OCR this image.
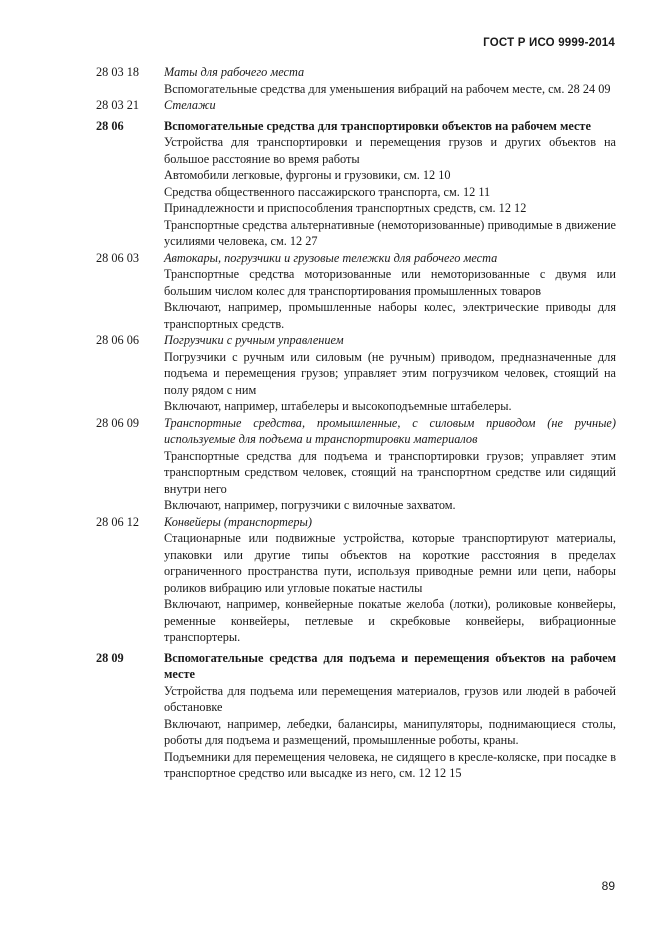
ГОСТ Р ИСО 9999-2014
28 03 18	Маты для рабочего места
Вспомогательные средства для уменьшения вибраций на рабочем месте, см. 28 24 09
28 03 21	Стелажи
28 06	Вспомогательные средства для транспортировки объектов на рабочем месте
Устройства для транспортировки и перемещения грузов и других объектов на большое расстояние во время работы
Автомобили легковые, фургоны и грузовики, см. 12 10
Средства общественного пассажирского транспорта, см. 12 11
Принадлежности и приспособления транспортных средств, см. 12 12
Транспортные средства альтернативные (немоторизованные) приводимые в движение усилиями человека, см. 12 27
28 06 03	Автокары, погрузчики и грузовые тележки для рабочего места
Транспортные средства моторизованные или немоторизованные с двумя или большим числом колес для транспортирования промышленных товаров
Включают, например, промышленные наборы колес, электрические приводы для транспортных средств.
28 06 06	Погрузчики с ручным управлением
Погрузчики с ручным или силовым (не ручным) приводом, предназначенные для подъема и перемещения грузов; управляет этим погрузчиком человек, стоящий на полу рядом с ним
Включают, например, штабелеры и высокоподъемные штабелеры.
28 06 09	Транспортные средства, промышленные, с силовым приводом (не ручные) используемые для подъема и транспортировки материалов
Транспортные средства для подъема и транспортировки грузов; управляет этим транспортным средством человек, стоящий на транспортном средстве или сидящий внутри него
Включают, например, погрузчики с вилочные захватом.
28 06 12	Конвейеры (транспортеры)
Стационарные или подвижные устройства, которые транспортируют материалы, упаковки или другие типы объектов на короткие расстояния в пределах ограниченного пространства пути, используя приводные ремни или цепи, наборы роликов вибрацию или угловые покатые настилы
Включают, например, конвейерные покатые желоба (лотки), роликовые конвейеры, ременные конвейеры, петлевые и скребковые конвейеры, вибрационные транспортеры.
28 09	Вспомогательные средства для подъема и перемещения объектов на рабочем месте
Устройства для подъема или перемещения материалов, грузов или людей в рабочей обстановке
Включают, например, лебедки, балансиры, манипуляторы, поднимающиеся столы, роботы для подъема и размещений, промышленные роботы, краны.
Подъемники для перемещения человека, не сидящего в кресле-коляске, при посадке в транспортное средство или высадке из него, см. 12 12 15
89
